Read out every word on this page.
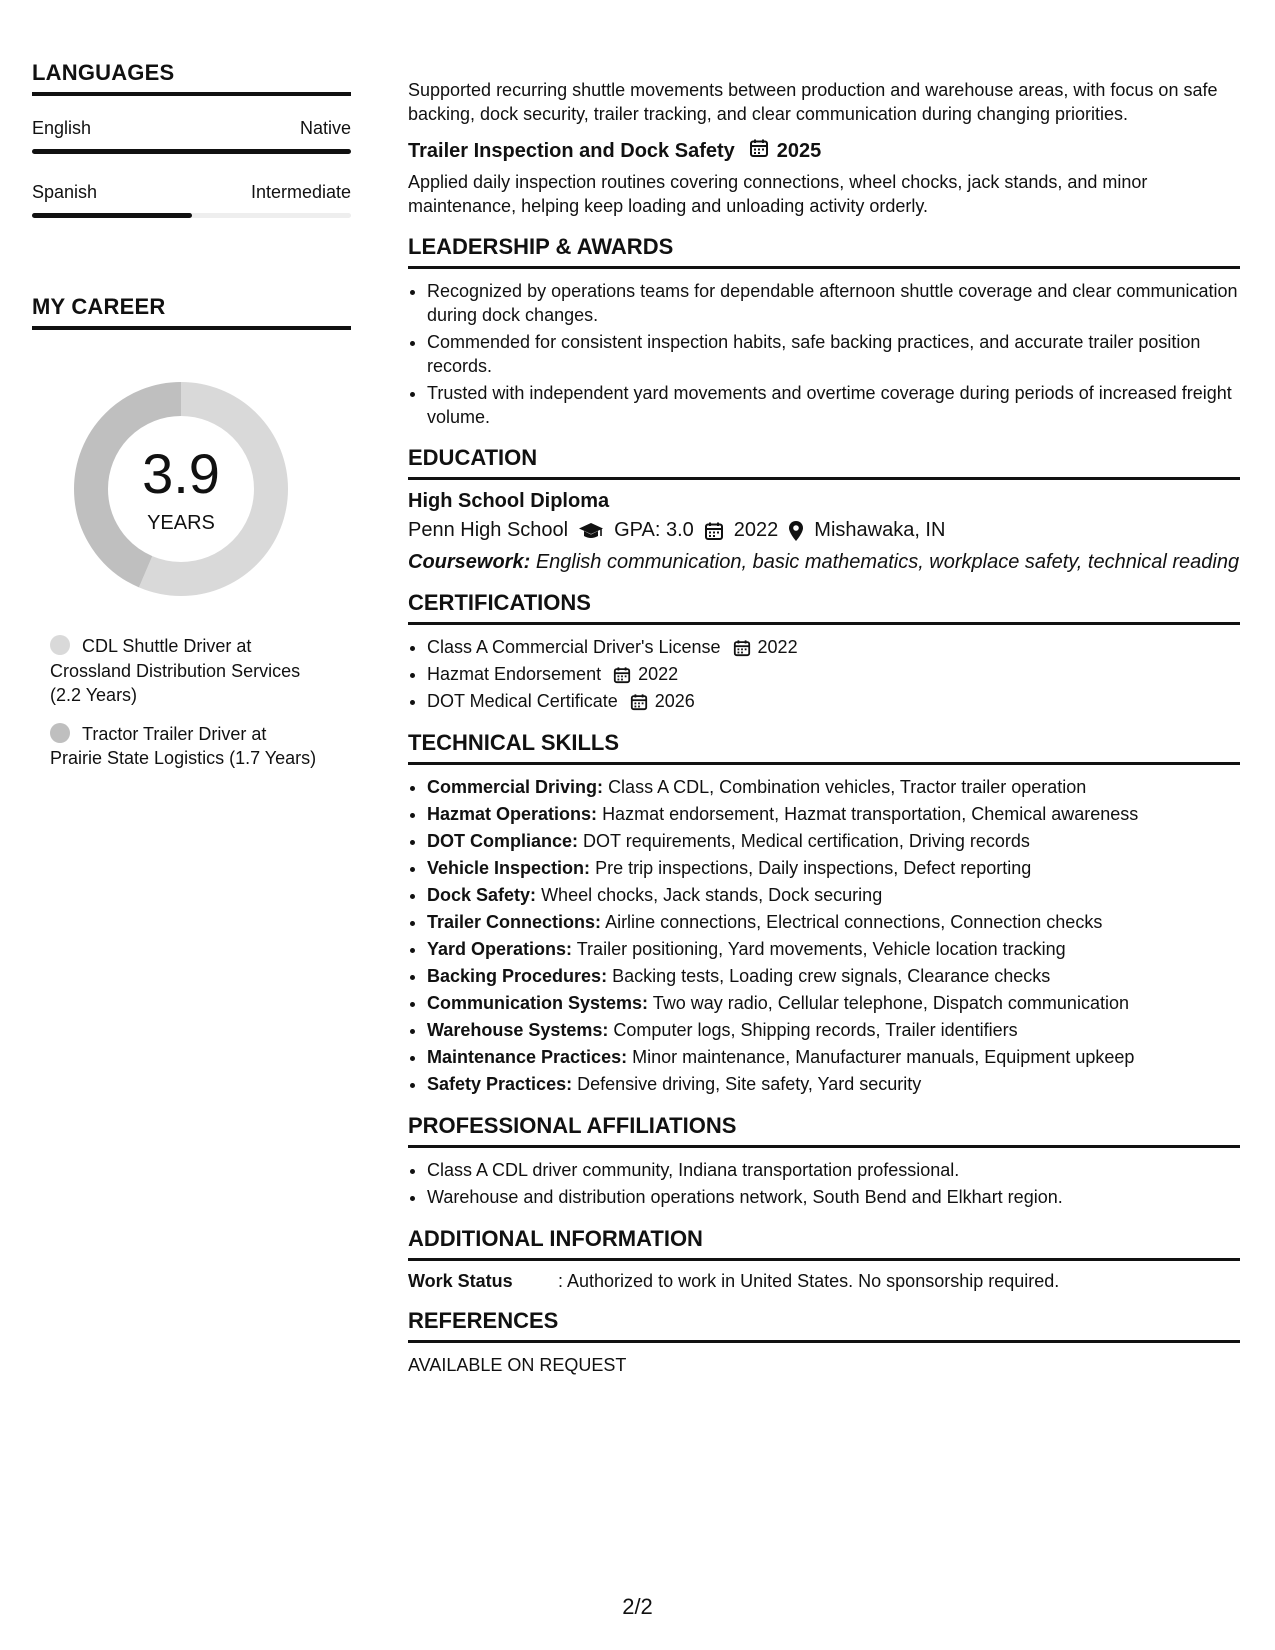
LANGUAGES
English	Native
Spanish	Intermediate
MY CAREER
3.9
YEARS
CDL Shuttle Driver at Crossland Distribution Services (2.2 Years)
Tractor Trailer Driver at Prairie State Logistics (1.7 Years)

Supported recurring shuttle movements between production and warehouse areas, with focus on safe backing, dock security, trailer tracking, and clear communication during changing priorities.

Trailer Inspection and Dock Safety 2025

Applied daily inspection routines covering connections, wheel chocks, jack stands, and minor maintenance, helping keep loading and unloading activity orderly.

LEADERSHIP & AWARDS
• Recognized by operations teams for dependable afternoon shuttle coverage and clear communication during dock changes.
• Commended for consistent inspection habits, safe backing practices, and accurate trailer position records.
• Trusted with independent yard movements and overtime coverage during periods of increased freight volume.
EDUCATION
High School Diploma
Penn High School GPA: 3.0 2022 Mishawaka, IN
Coursework: English communication, basic mathematics, workplace safety, technical reading
CERTIFICATIONS
• Class A Commercial Driver's License 2022
• Hazmat Endorsement 2022
• DOT Medical Certificate 2026
TECHNICAL SKILLS
• Commercial Driving: Class A CDL, Combination vehicles, Tractor trailer operation
• Hazmat Operations: Hazmat endorsement, Hazmat transportation, Chemical awareness
• DOT Compliance: DOT requirements, Medical certification, Driving records
• Vehicle Inspection: Pre trip inspections, Daily inspections, Defect reporting
• Dock Safety: Wheel chocks, Jack stands, Dock securing
• Trailer Connections: Airline connections, Electrical connections, Connection checks
• Yard Operations: Trailer positioning, Yard movements, Vehicle location tracking
• Backing Procedures: Backing tests, Loading crew signals, Clearance checks
• Communication Systems: Two way radio, Cellular telephone, Dispatch communication
• Warehouse Systems: Computer logs, Shipping records, Trailer identifiers
• Maintenance Practices: Minor maintenance, Manufacturer manuals, Equipment upkeep
• Safety Practices: Defensive driving, Site safety, Yard security
PROFESSIONAL AFFILIATIONS
• Class A CDL driver community, Indiana transportation professional.
• Warehouse and distribution operations network, South Bend and Elkhart region.
ADDITIONAL INFORMATION
Work Status	: Authorized to work in United States. No sponsorship required.
REFERENCES
AVAILABLE ON REQUEST
2/2
